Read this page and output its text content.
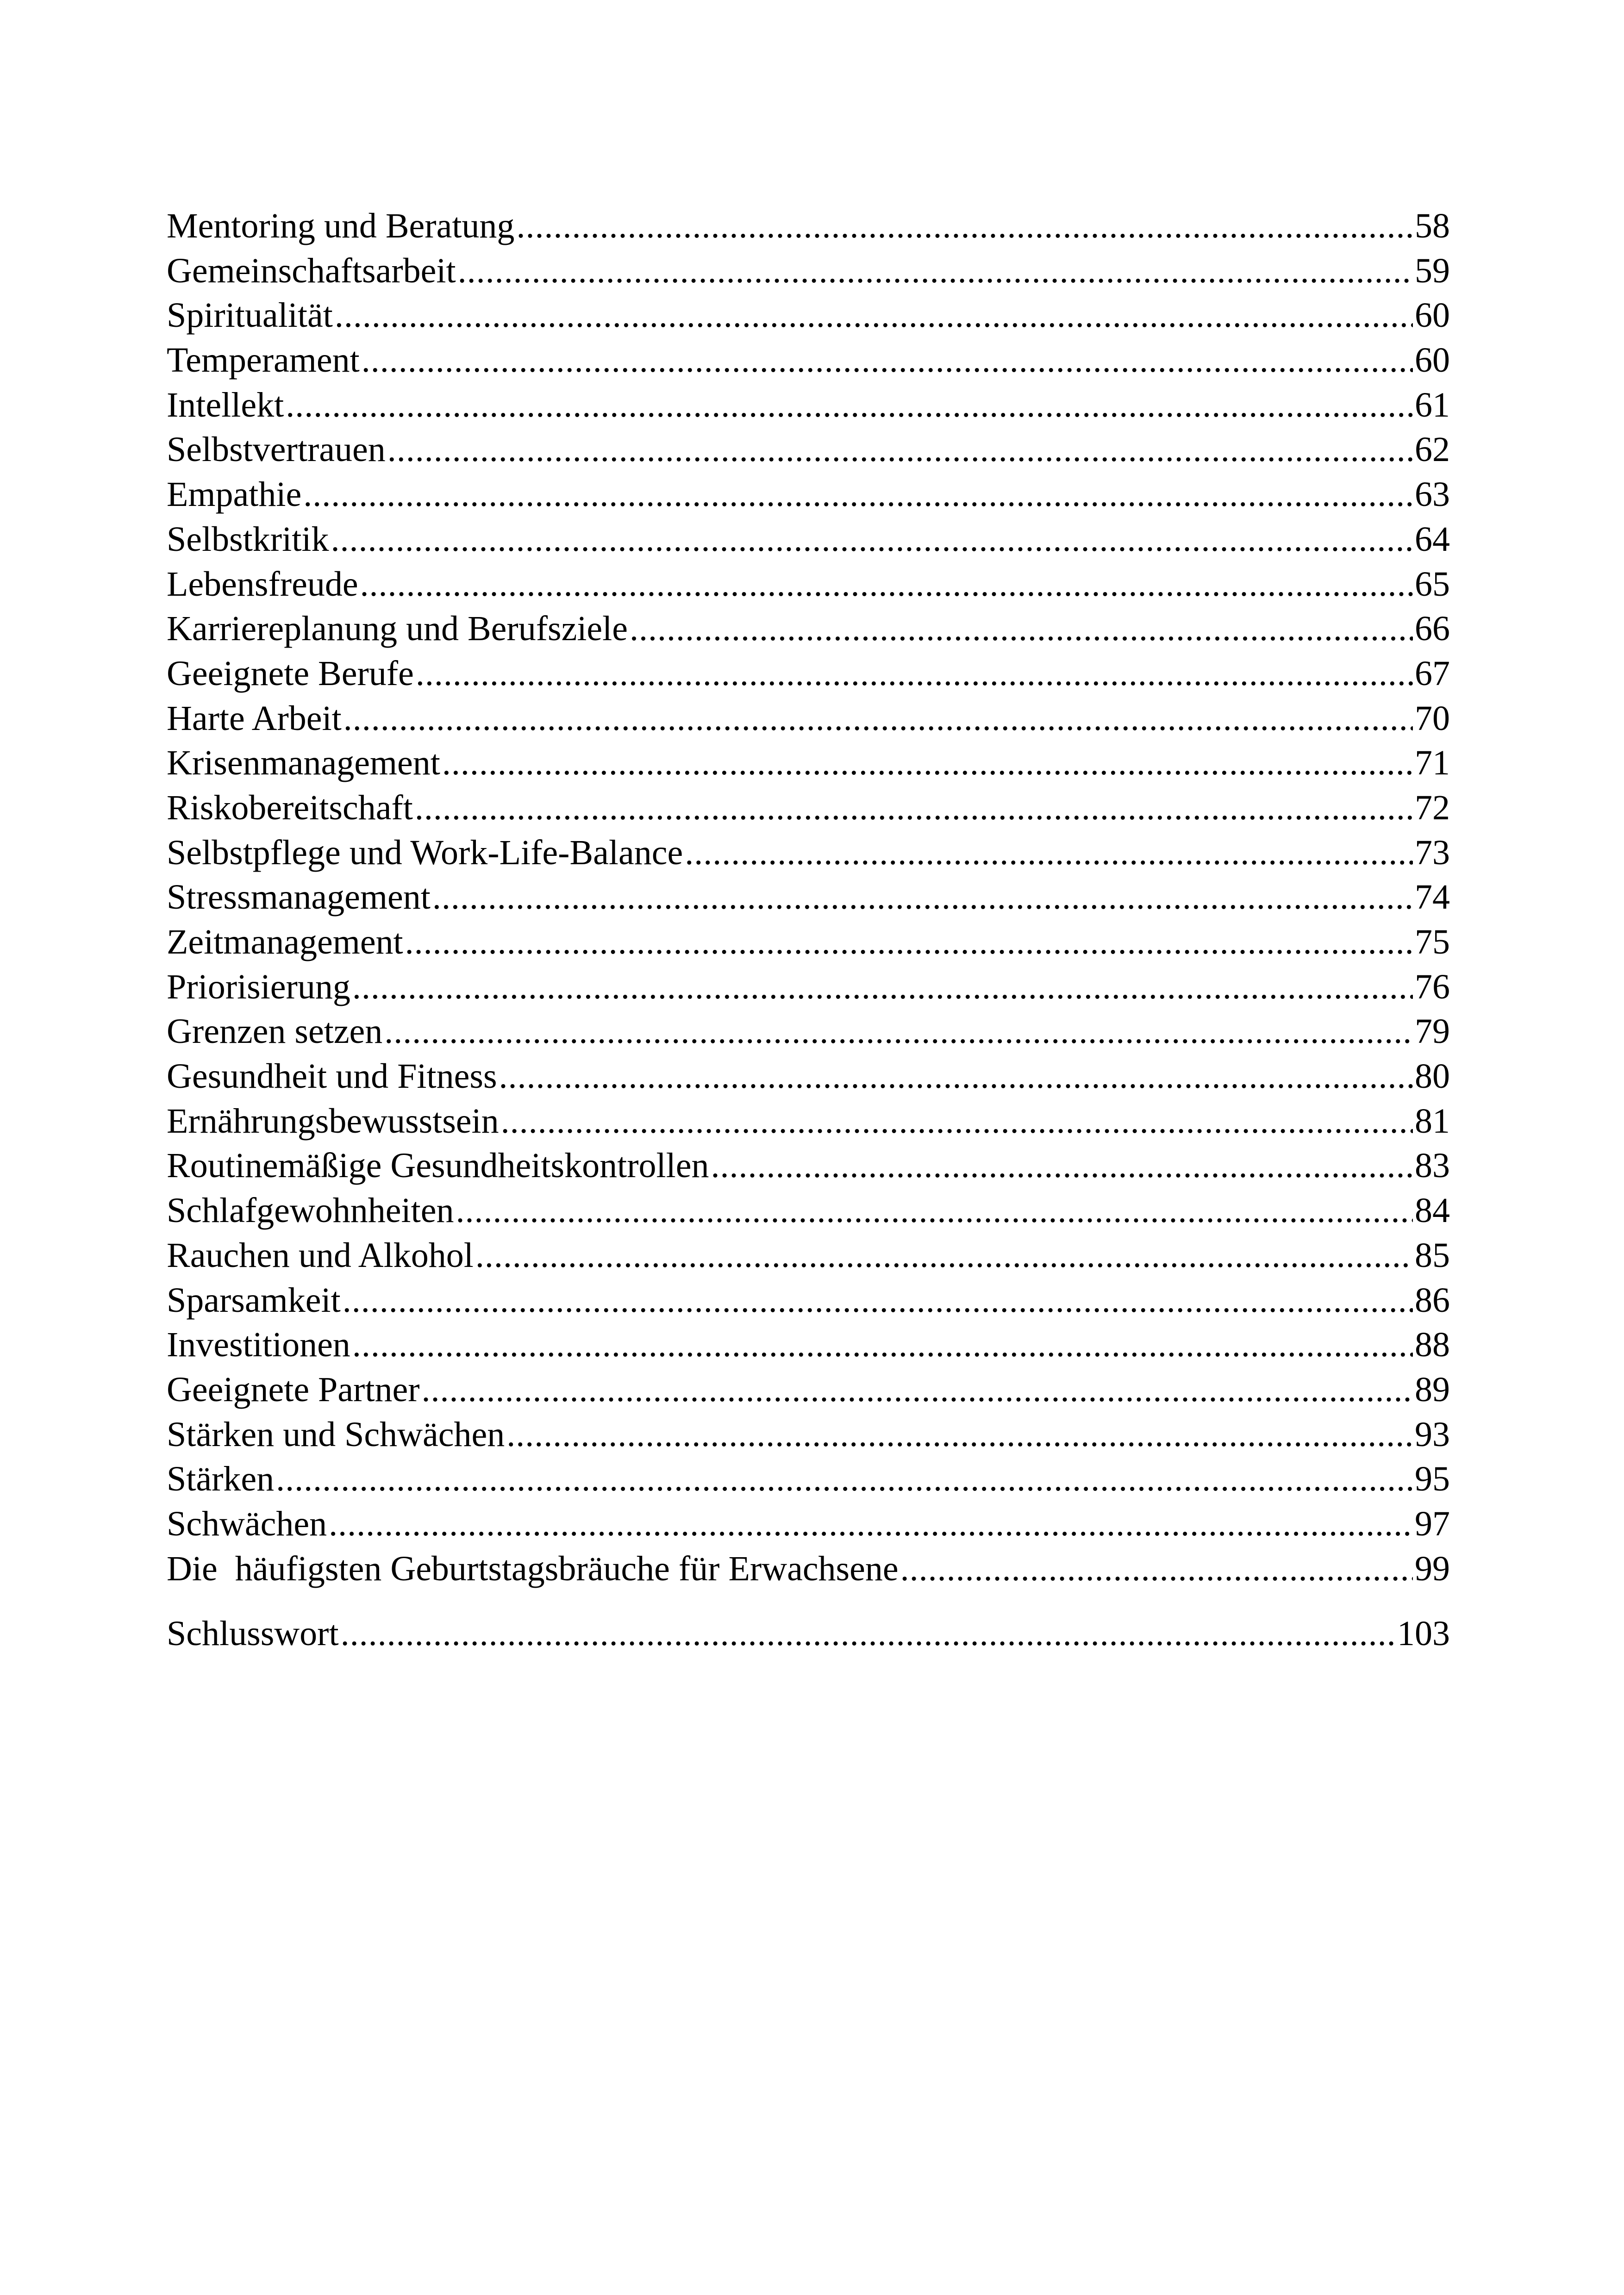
Mentoring und Beratung .....	58
Gemeinschaftsarbeit .....	59
Spiritualität .....	60
Temperament .....	60
Intellekt .....	61
Selbstvertrauen .....	62
Empathie .....	63
Selbstkritik .....	64
Lebensfreude .....	65
Karriereplanung und Berufsziele .....	66
Geeignete Berufe .....	67
Harte Arbeit .....	70
Krisenmanagement .....	71
Riskobereitschaft .....	72
Selbstpflege und Work-Life-Balance .....	73
Stressmanagement .....	74
Zeitmanagement .....	75
Priorisierung .....	76
Grenzen setzen .....	79
Gesundheit und Fitness .....	80
Ernährungsbewusstsein .....	81
Routinemäßige Gesundheitskontrollen .....	83
Schlafgewohnheiten .....	84
Rauchen und Alkohol .....	85
Sparsamkeit .....	86
Investitionen .....	88
Geeignete Partner .....	89
Stärken und Schwächen .....	93
Stärken .....	95
Schwächen .....	97
Die  häufigsten Geburtstagsbräuche für Erwachsene .....	99
Schlusswort .....	103
